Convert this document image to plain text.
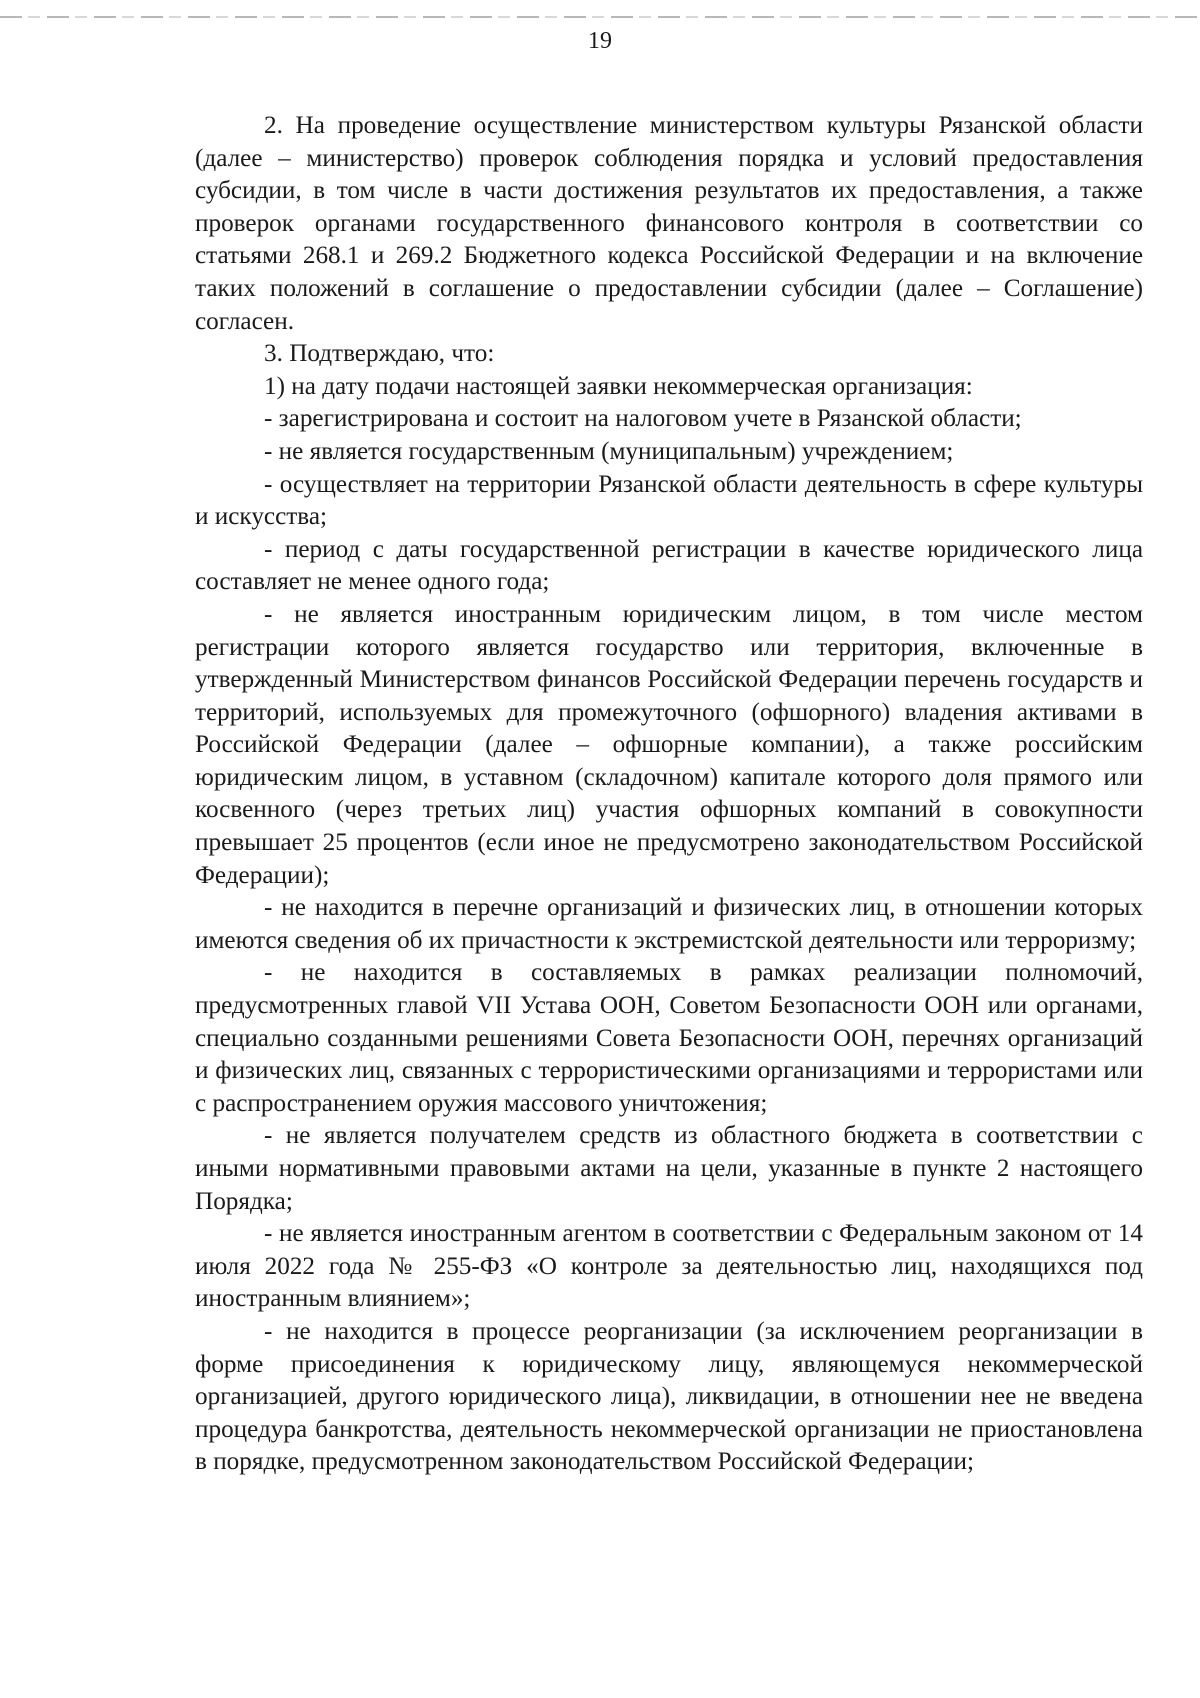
19

2. На проведение осуществление министерством культуры Рязанской области (далее – министерство) проверок соблюдения порядка и условий предоставления субсидии, в том числе в части достижения результатов их предоставления, а также проверок органами государственного финансового контроля в соответствии со статьями 268.1 и 269.2 Бюджетного кодекса Российской Федерации и на включение таких положений в соглашение о предоставлении субсидии (далее – Соглашение) согласен.

3. Подтверждаю, что:

1) на дату подачи настоящей заявки некоммерческая организация:

- зарегистрирована и состоит на налоговом учете в Рязанской области;

- не является государственным (муниципальным) учреждением;

- осуществляет на территории Рязанской области деятельность в сфере культуры и искусства;

- период с даты государственной регистрации в качестве юридического лица составляет не менее одного года;

- не является иностранным юридическим лицом, в том числе местом регистрации которого является государство или территория, включенные в утвержденный Министерством финансов Российской Федерации перечень государств и территорий, используемых для промежуточного (офшорного) владения активами в Российской Федерации (далее – офшорные компании), а также российским юридическим лицом, в уставном (складочном) капитале которого доля прямого или косвенного (через третьих лиц) участия офшорных компаний в совокупности превышает 25 процентов (если иное не предусмотрено законодательством Российской Федерации);

- не находится в перечне организаций и физических лиц, в отношении которых имеются сведения об их причастности к экстремистской деятельности или терроризму;

- не находится в составляемых в рамках реализации полномочий, предусмотренных главой VII Устава ООН, Советом Безопасности ООН или органами, специально созданными решениями Совета Безопасности ООН, перечнях организаций и физических лиц, связанных с террористическими организациями и террористами или с распространением оружия массового уничтожения;

- не является получателем средств из областного бюджета в соответствии с иными нормативными правовыми актами на цели, указанные в пункте 2 настоящего Порядка;

- не является иностранным агентом в соответствии с Федеральным законом от 14 июля 2022 года № 255-ФЗ «О контроле за деятельностью лиц, находящихся под иностранным влиянием»;

- не находится в процессе реорганизации (за исключением реорганизации в форме присоединения к юридическому лицу, являющемуся некоммерческой организацией, другого юридического лица), ликвидации, в отношении нее не введена процедура банкротства, деятельность некоммерческой организации не приостановлена в порядке, предусмотренном законодательством Российской Федерации;
